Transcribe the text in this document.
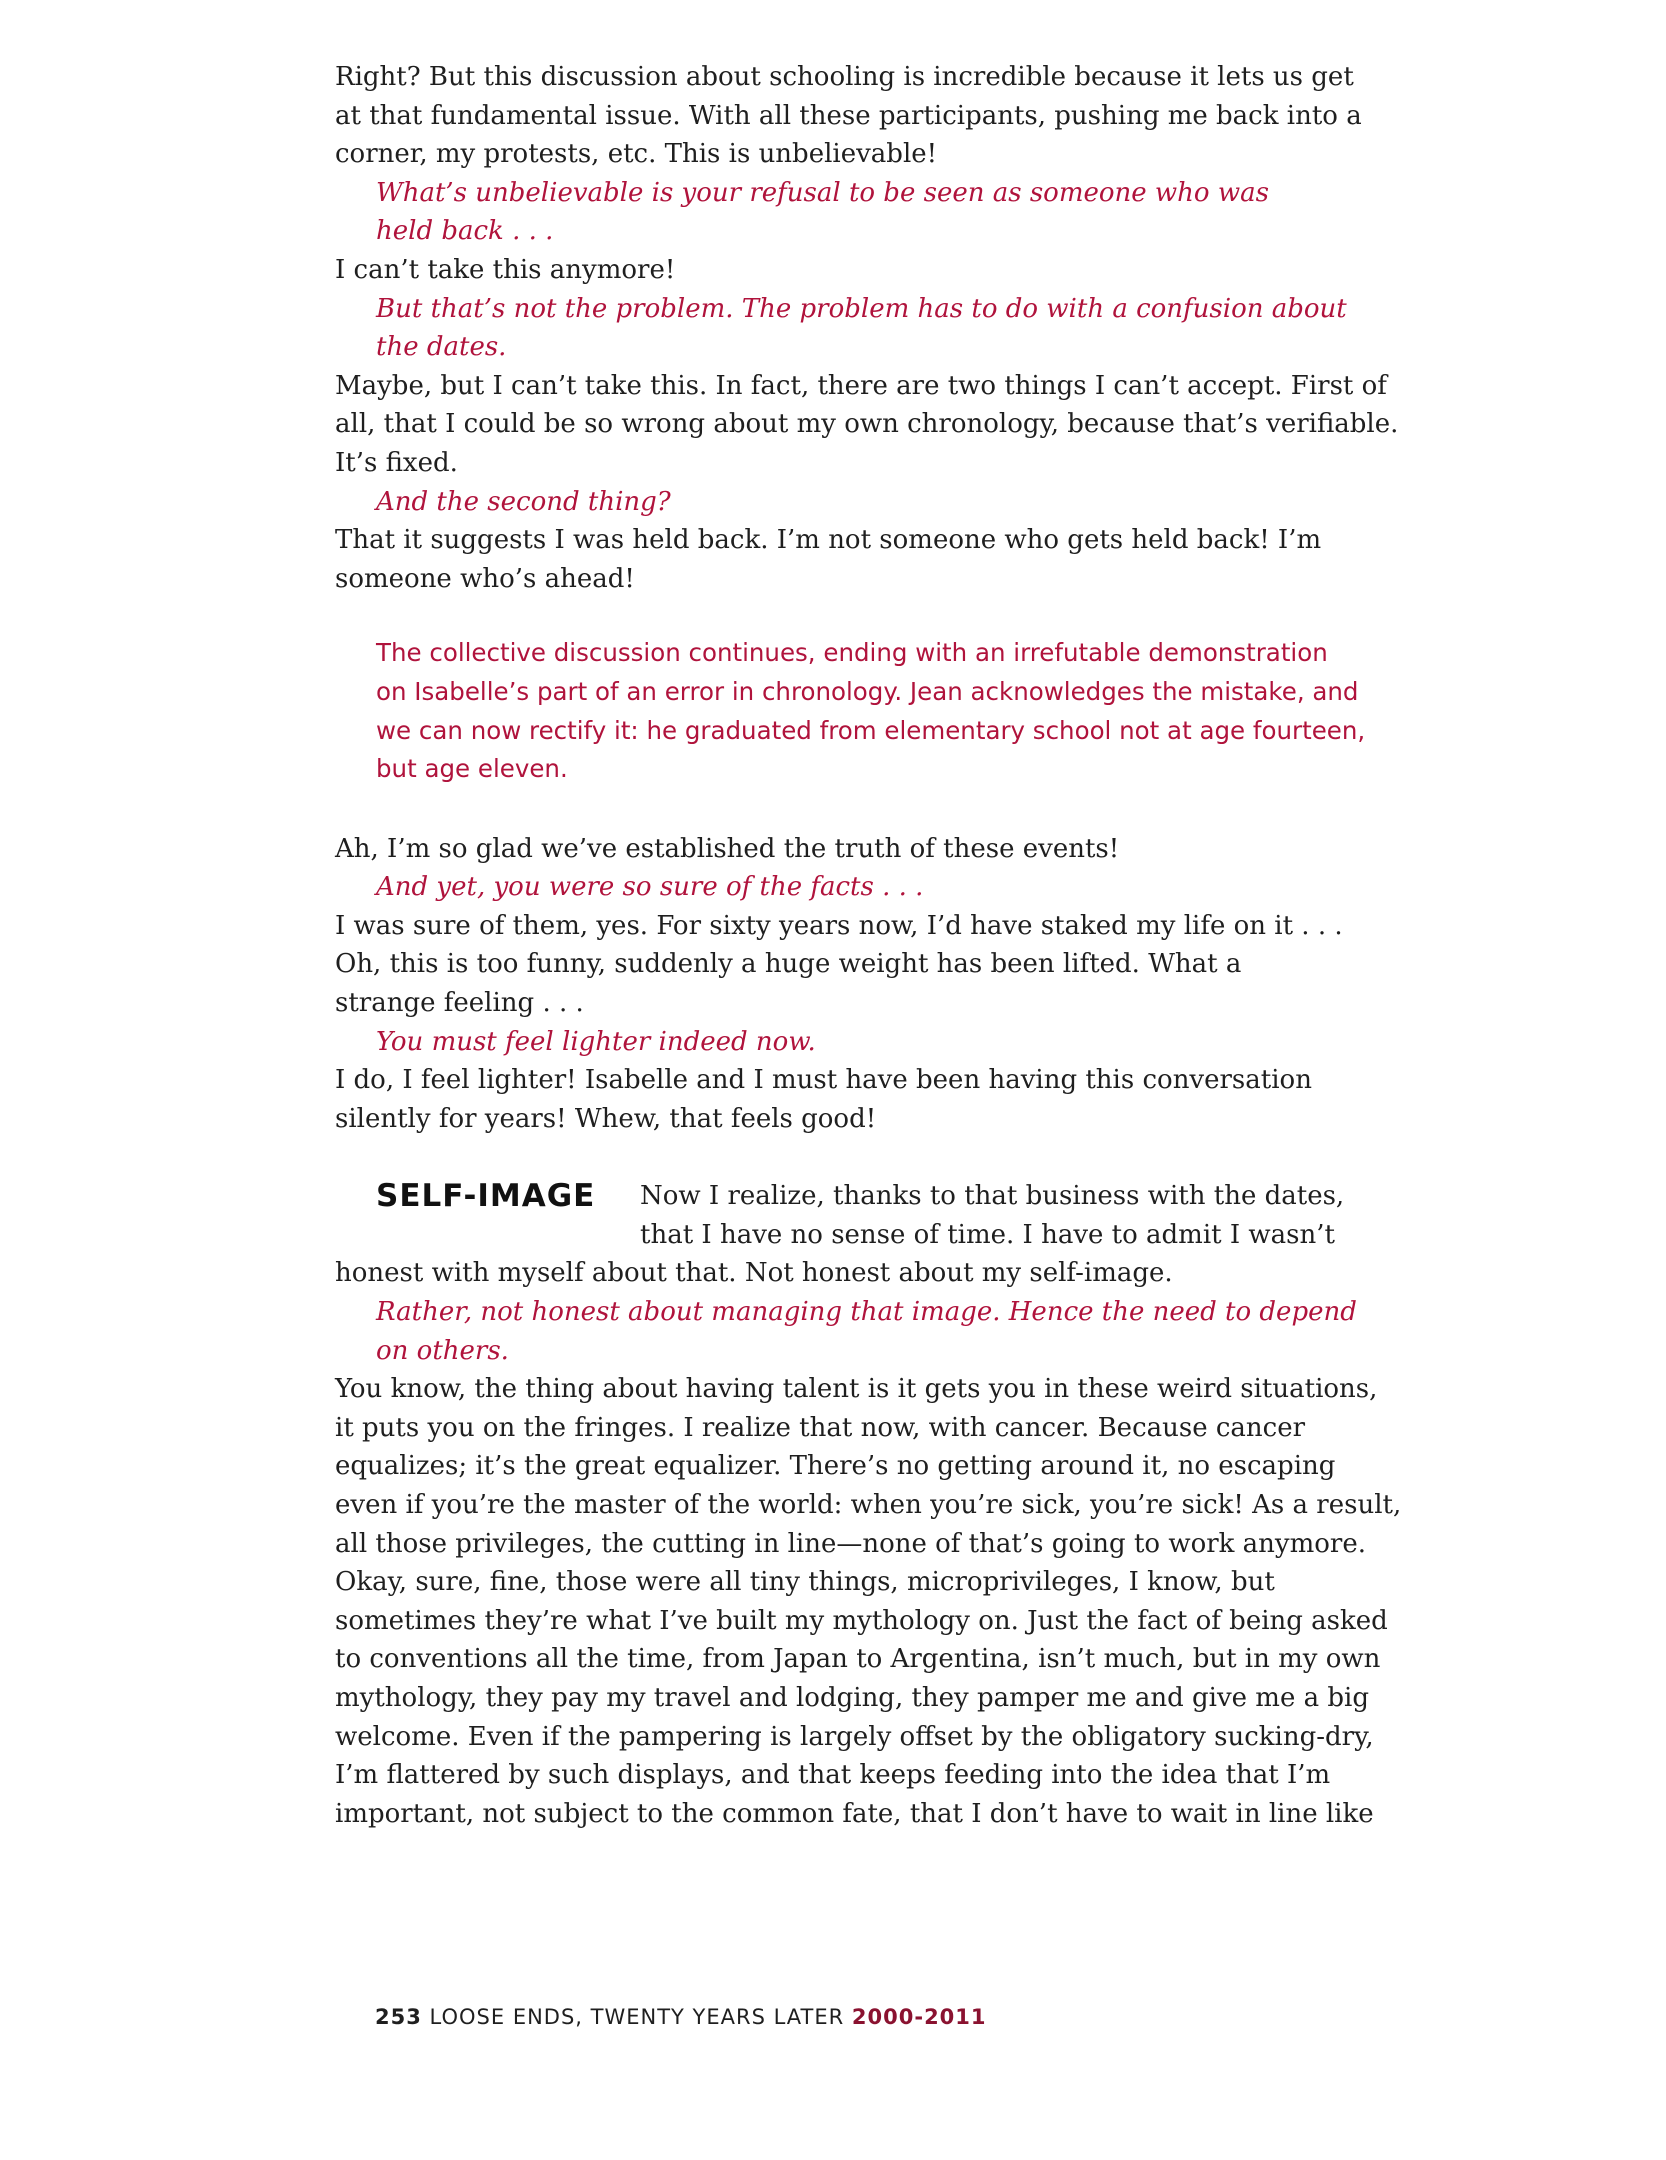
Right? But this discussion about schooling is incredible because it lets us get
at that fundamental issue. With all these participants, pushing me back into a
corner, my protests, etc. This is unbelievable!
What’s unbelievable is your refusal to be seen as someone who was
held back . . .
I can’t take this anymore!
But that’s not the problem. The problem has to do with a confusion about
the dates.
Maybe, but I can’t take this. In fact, there are two things I can’t accept. First of
all, that I could be so wrong about my own chronology, because that’s verifiable.
It’s fixed.
And the second thing?
That it suggests I was held back. I’m not someone who gets held back! I’m
someone who’s ahead!
The collective discussion continues, ending with an irrefutable demonstration
on Isabelle’s part of an error in chronology. Jean acknowledges the mistake, and
we can now rectify it: he graduated from elementary school not at age fourteen,
but age eleven.
Ah, I’m so glad we’ve established the truth of these events!
And yet, you were so sure of the facts . . .
I was sure of them, yes. For sixty years now, I’d have staked my life on it . . .
Oh, this is too funny, suddenly a huge weight has been lifted. What a
strange feeling . . .
You must feel lighter indeed now.
I do, I feel lighter! Isabelle and I must have been having this conversation
silently for years! Whew, that feels good!
SELF-IMAGE Now I realize, thanks to that business with the dates,
that I have no sense of time. I have to admit I wasn’t
honest with myself about that. Not honest about my self-image.
Rather, not honest about managing that image. Hence the need to depend
on others.
You know, the thing about having talent is it gets you in these weird situations,
it puts you on the fringes. I realize that now, with cancer. Because cancer
equalizes; it’s the great equalizer. There’s no getting around it, no escaping
even if you’re the master of the world: when you’re sick, you’re sick! As a result,
all those privileges, the cutting in line—none of that’s going to work anymore.
Okay, sure, fine, those were all tiny things, microprivileges, I know, but
sometimes they’re what I’ve built my mythology on. Just the fact of being asked
to conventions all the time, from Japan to Argentina, isn’t much, but in my own
mythology, they pay my travel and lodging, they pamper me and give me a big
welcome. Even if the pampering is largely offset by the obligatory sucking-dry,
I’m flattered by such displays, and that keeps feeding into the idea that I’m
important, not subject to the common fate, that I don’t have to wait in line like
253 LOOSE ENDS, TWENTY YEARS LATER 2000-2011
